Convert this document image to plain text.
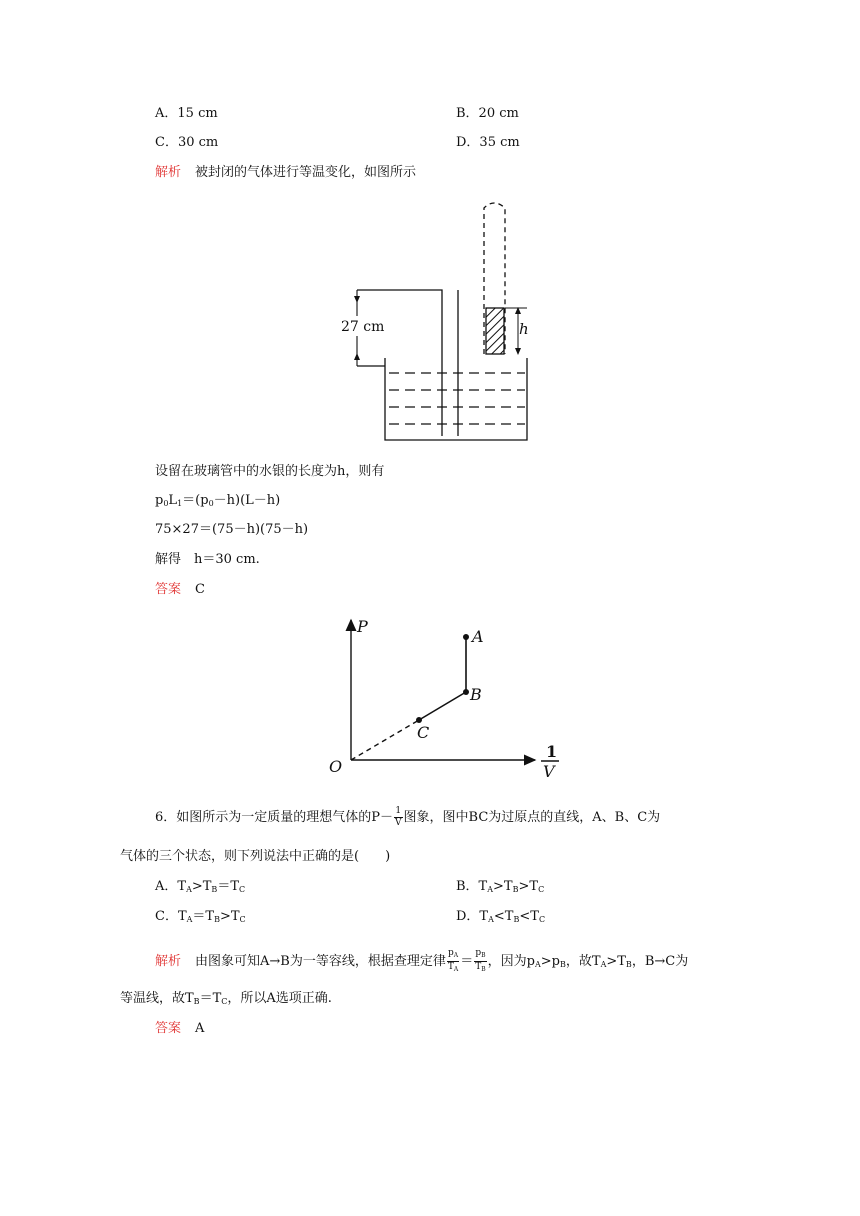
A．15 cm	B．20 cm
C．30 cm	D．35 cm
解析 被封闭的气体进行等温变化，如图所示
27 cm	h
设留在玻璃管中的水银的长度为h，则有
$p_0L_1=(p_0-h)(L-h)$
75×27＝(75－h)(75－h)
解得　h＝30 cm.
答案 C
P
A
B
C
O
1
V
6．如图所示为一定质量的理想气体的$P- \frac{1}{V}$ 图象，图中BC为过原点的直线，A、B、C为
气体的三个状态，则下列说法中正确的是(　　)
A．$T_A>T_B=T_C$	B．$T_A>T_B>T_C$
C．$T_A=T_B>T_C$	D．$T_A<T_B<T_C$
解析 由图象可知A→B为一等容线，根据查理定律 $\frac{p_A}{T_A} = \frac{p_B}{T_B}$ ，因为$p_A>p_B$，故$T_A>T_B$，B→C为
等温线，故$T_B=T_C$，所以A选项正确.
答案 A
